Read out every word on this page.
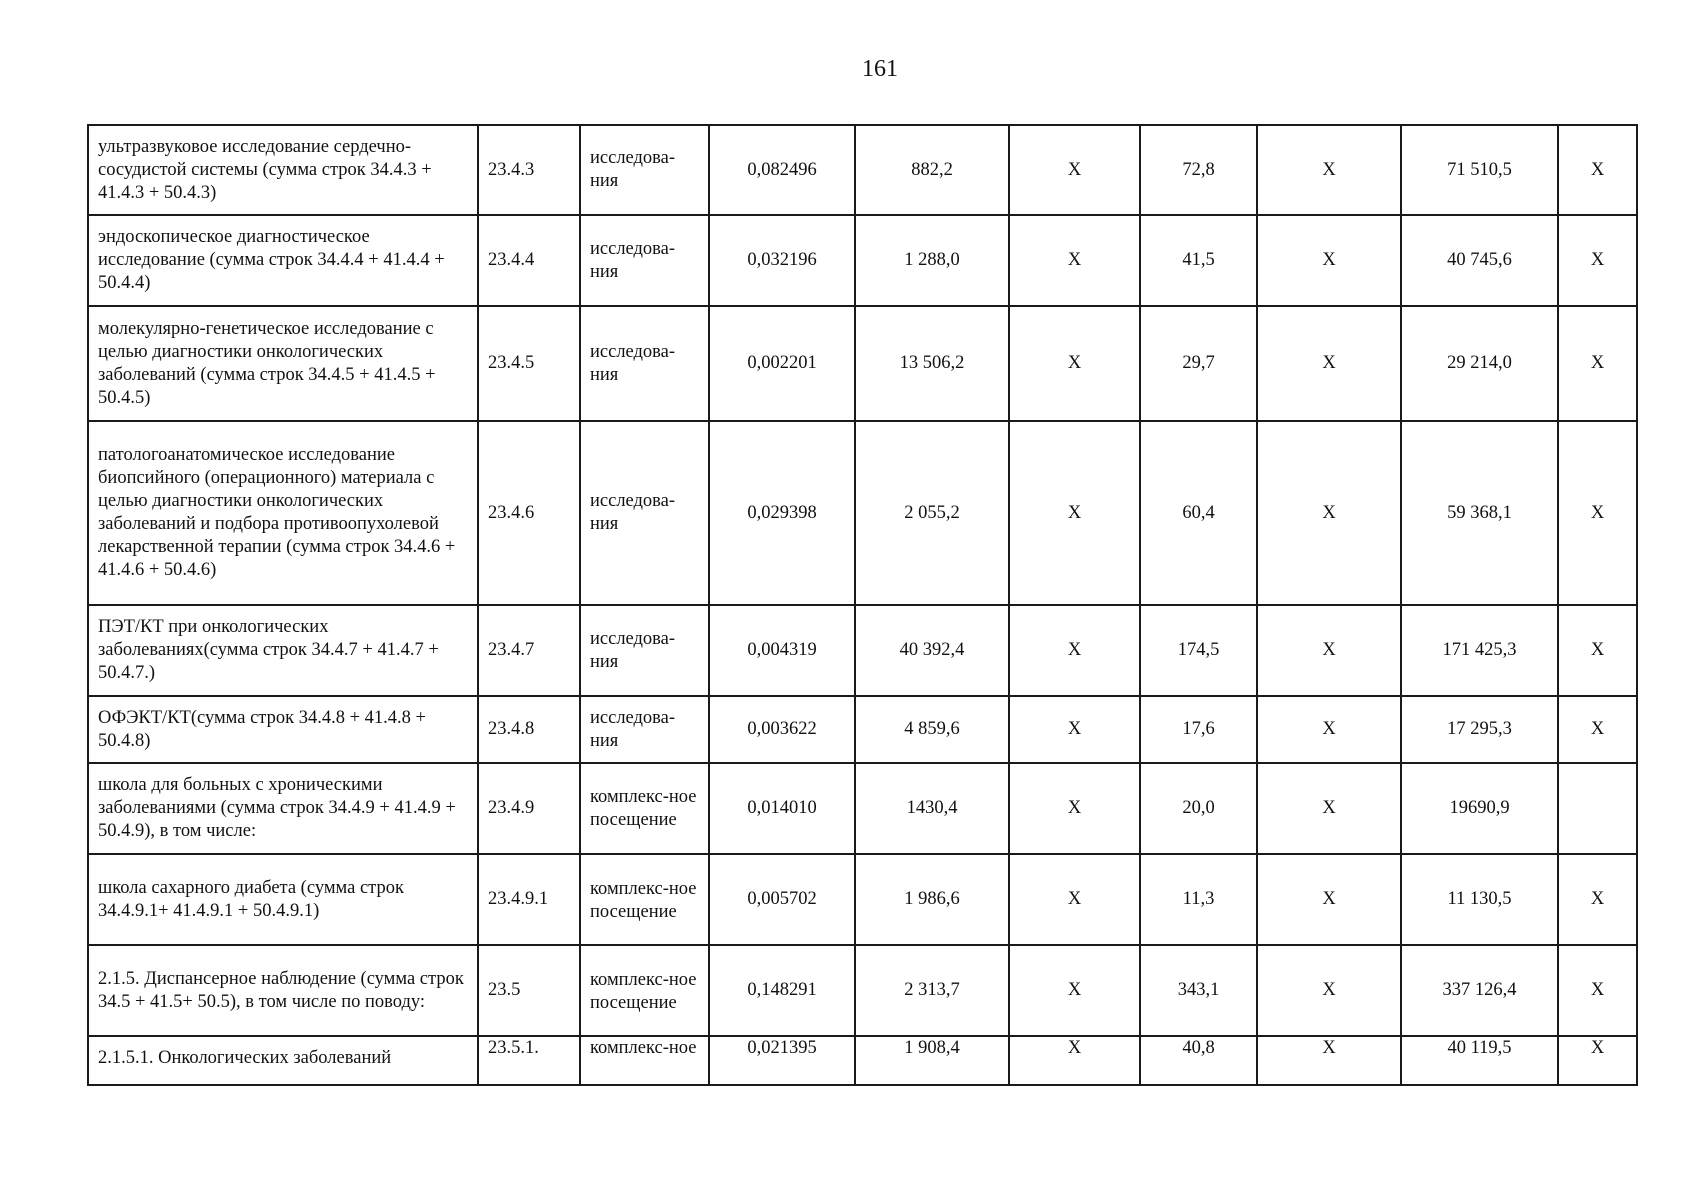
161
ультразвуковое исследование сердечно-сосудистой системы (сумма строк 34.4.3 + 41.4.3 + 50.4.3)	23.4.3	исследова-ния	0,082496	882,2	X	72,8	X	71 510,5	X
эндоскопическое диагностическое исследование (сумма строк 34.4.4 + 41.4.4 + 50.4.4)	23.4.4	исследова-ния	0,032196	1 288,0	X	41,5	X	40 745,6	X
молекулярно-генетическое исследование с целью диагностики онкологических заболеваний (сумма строк 34.4.5 + 41.4.5 + 50.4.5)	23.4.5	исследова-ния	0,002201	13 506,2	X	29,7	X	29 214,0	X
патологоанатомическое исследование биопсийного (операционного) материала с целью диагностики онкологических заболеваний и подбора противоопухолевой лекарственной терапии (сумма строк 34.4.6 + 41.4.6 + 50.4.6)	23.4.6	исследова-ния	0,029398	2 055,2	X	60,4	X	59 368,1	X
ПЭТ/КТ при онкологических заболеваниях(сумма строк 34.4.7 + 41.4.7 + 50.4.7.)	23.4.7	исследова-ния	0,004319	40 392,4	X	174,5	X	171 425,3	X
ОФЭКТ/КТ(сумма строк 34.4.8 + 41.4.8 + 50.4.8)	23.4.8	исследова-ния	0,003622	4 859,6	X	17,6	X	17 295,3	X
школа для больных с хроническими заболеваниями (сумма строк 34.4.9 + 41.4.9 + 50.4.9), в том числе:	23.4.9	комплекс-ное посещение	0,014010	1430,4	X	20,0	X	19690,9	
школа сахарного диабета (сумма строк 34.4.9.1+ 41.4.9.1 + 50.4.9.1)	23.4.9.1	комплекс-ное посещение	0,005702	1 986,6	X	11,3	X	11 130,5	X
2.1.5. Диспансерное наблюдение (сумма строк 34.5 + 41.5+ 50.5), в том числе по поводу:	23.5	комплекс-ное посещение	0,148291	2 313,7	X	343,1	X	337 126,4	X
2.1.5.1. Онкологических заболеваний	23.5.1.	комплекс-ное	0,021395	1 908,4	X	40,8	X	40 119,5	X
